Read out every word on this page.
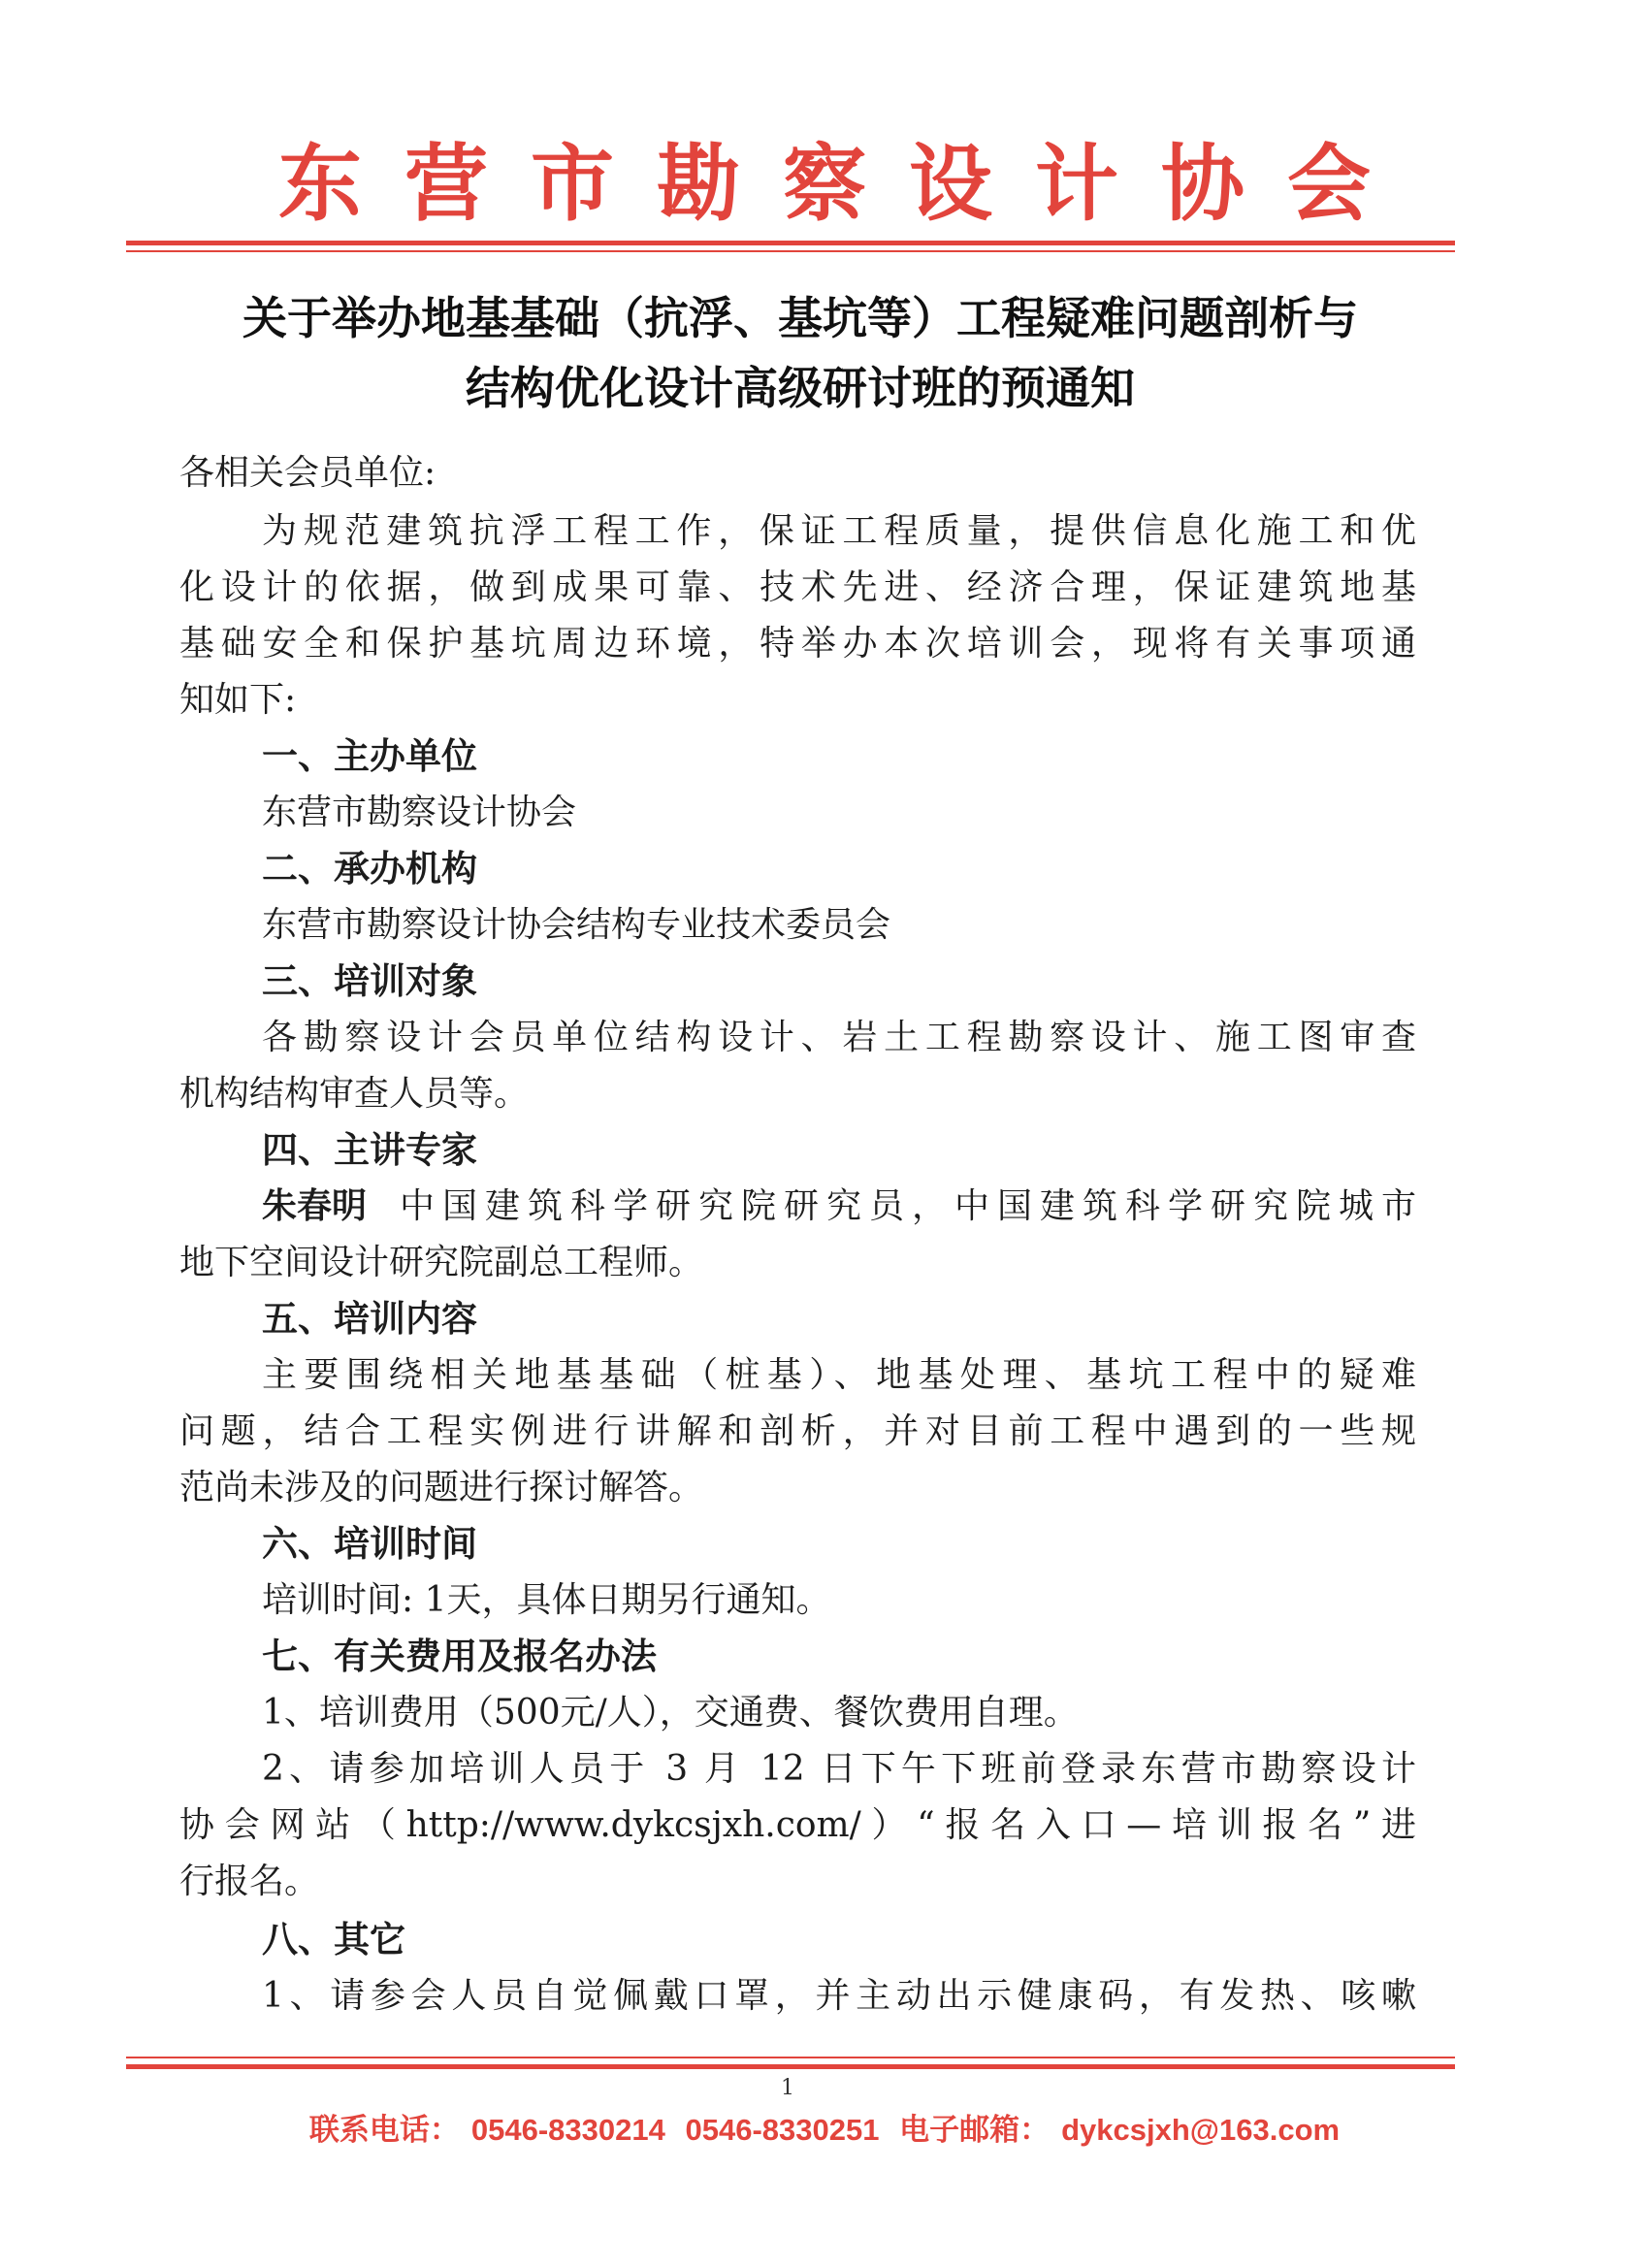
东营市勘察设计协会
关于举办地基基础（抗浮、基坑等）工程疑难问题剖析与
结构优化设计高级研讨班的预通知
各相关会员单位:
为规范建筑抗浮工程工作，保证工程质量，提供信息化施工和优
化设计的依据，做到成果可靠、技术先进、经济合理，保证建筑地基
基础安全和保护基坑周边环境，特举办本次培训会，现将有关事项通
知如下:
一、主办单位
东营市勘察设计协会
二、承办机构
东营市勘察设计协会结构专业技术委员会
三、培训对象
各勘察设计会员单位结构设计、岩土工程勘察设计、施工图审查
机构结构审查人员等。
四、主讲专家
朱春明 中国建筑科学研究院研究员，中国建筑科学研究院城市
地下空间设计研究院副总工程师。
五、培训内容
主要围绕相关地基基础（桩基）、地基处理、基坑工程中的疑难
问题，结合工程实例进行讲解和剖析，并对目前工程中遇到的一些规
范尚未涉及的问题进行探讨解答。
六、培训时间
培训时间: 1天，具体日期另行通知。
七、有关费用及报名办法
1、培训费用（500元/人），交通费、餐饮费用自理。
2、请参加培训人员于 3 月 12 日下午下班前登录东营市勘察设计
协会网站（http://www.dykcsjxh.com/）“报名入口—培训报名”进
行报名。
八、其它
1、请参会人员自觉佩戴口罩，并主动出示健康码，有发热、咳嗽
1
联系电话： 0546-8330214 0546-8330251 电子邮箱： dykcsjxh@163.com
